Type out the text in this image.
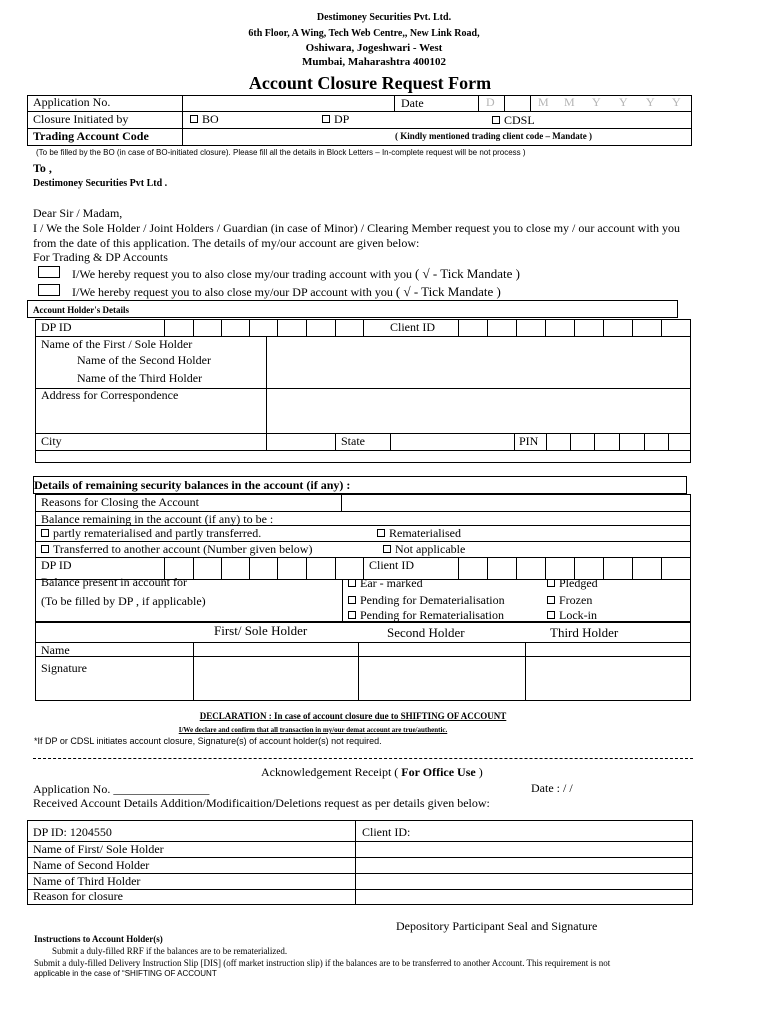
Destimoney Securities Pvt. Ltd.
6th Floor, A Wing, Tech Web Centre,, New Link Road,
Oshiwara, Jogeshwari - West
Mumbai, Maharashtra 400102
Account Closure Request Form
Application No.	Date	D	M M Y Y Y Y
Closure Initiated by	BO	DP	CDSL
Trading Account Code	( Kindly mentioned trading client code – Mandate )
(To be filled by the BO (in case of BO-initiated closure). Please fill all the details in Block Letters – In-complete request will be not process )
To ,
Destimoney Securities Pvt Ltd .
Dear Sir / Madam,
I / We the Sole Holder / Joint Holders / Guardian (in case of Minor) / Clearing Member request you to close my / our account with you
from the date of this application. The details of my/our account are given below:
For Trading & DP Accounts
I/We hereby request you to also close my/our trading account with you ( √ - Tick Mandate )
I/We hereby request you to also close my/our DP account with you ( √ - Tick Mandate )
Account Holder's Details
DP ID	Client ID
Name of the First / Sole Holder
Name of the Second Holder
Name of the Third Holder
Address for Correspondence
City	State	PIN
Details of remaining security balances in the account (if any) :
Reasons for Closing the Account
Balance remaining in the account (if any) to be :
partly rematerialised and partly transferred.	Rematerialised
Transferred to another account (Number given below)	Not applicable
DP ID	Client ID
Balance present in account for
(To be filled by DP , if applicable)
Ear - marked	Pledged
Pending for Dematerialisation	Frozen
Pending for Rematerialisation	Lock-in
First/ Sole Holder	Second Holder	Third Holder
Name
Signature
DECLARATION : In case of account closure due to SHIFTING OF ACCOUNT
I/We declare and confirm that all transaction in my/our demat account are true/authentic.
*If DP or CDSL initiates account closure, Signature(s) of account holder(s) not required.
Acknowledgement Receipt ( For Office Use )
Application No. ________________	Date : / /
Received Account Details Addition/Modificaition/Deletions request as per details given below:
DP ID: 1204550	Client ID:
Name of First/ Sole Holder
Name of Second Holder
Name of Third Holder
Reason for closure
Depository Participant Seal and Signature
Instructions to Account Holder(s)
Submit a duly-filled RRF if the balances are to be rematerialized.
Submit a duly-filled Delivery Instruction Slip [DIS] (off market instruction slip) if the balances are to be transferred to another Account. This requirement is not
applicable in the case of “SHIFTING OF ACCOUNT
